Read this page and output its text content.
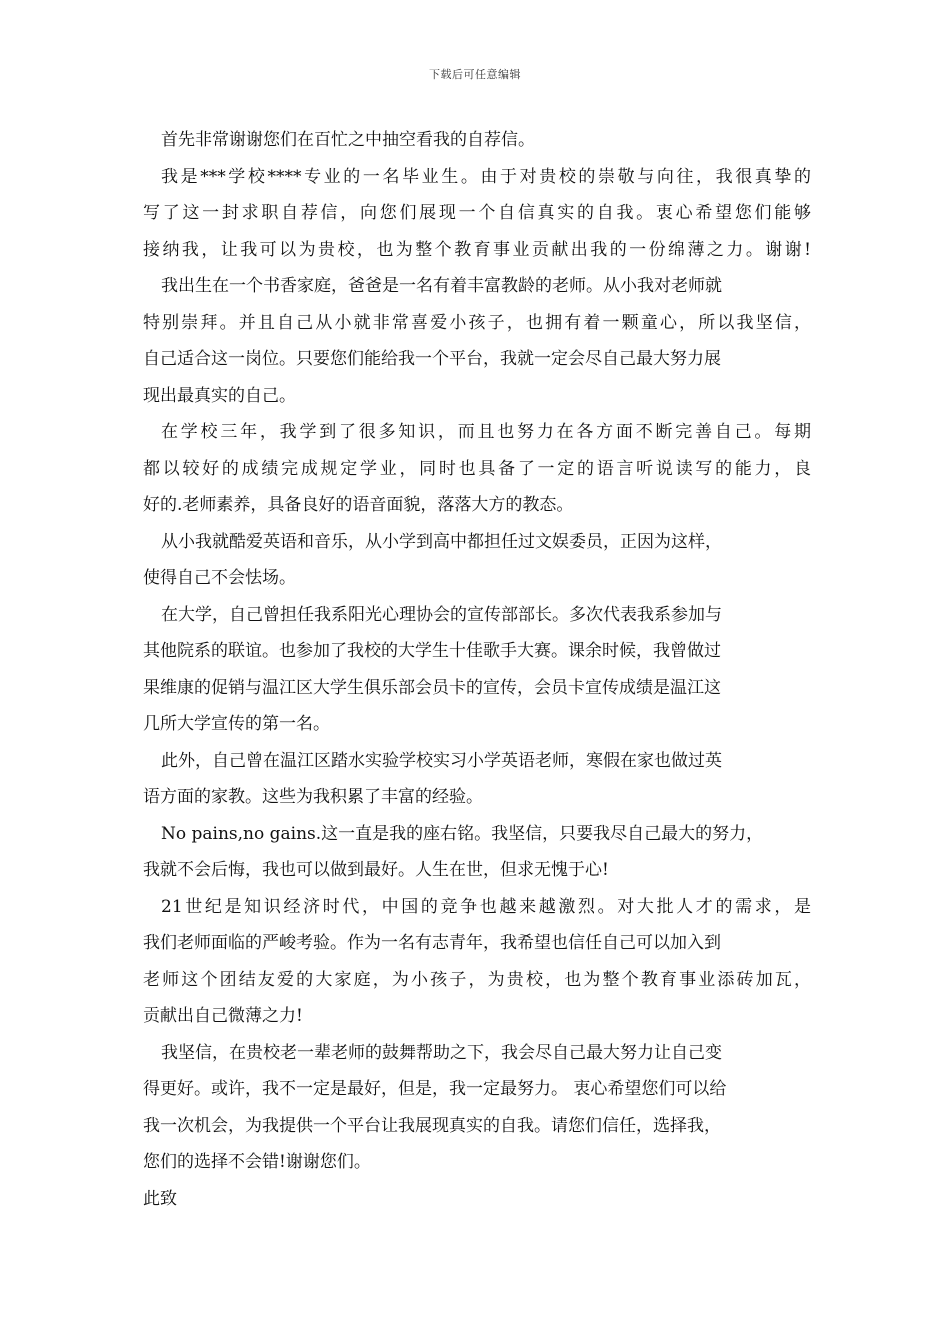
下载后可任意编辑
首先非常谢谢您们在百忙之中抽空看我的自荐信。
我是***学校****专业的一名毕业生。由于对贵校的崇敬与向往，我很真挚的
写了这一封求职自荐信，向您们展现一个自信真实的自我。衷心希望您们能够
接纳我，让我可以为贵校，也为整个教育事业贡献出我的一份绵薄之力。谢谢!
我出生在一个书香家庭，爸爸是一名有着丰富教龄的老师。从小我对老师就
特别崇拜。并且自己从小就非常喜爱小孩子，也拥有着一颗童心，所以我坚信，
自己适合这一岗位。只要您们能给我一个平台，我就一定会尽自己最大努力展
现出最真实的自己。
在学校三年，我学到了很多知识，而且也努力在各方面不断完善自己。每期
都以较好的成绩完成规定学业，同时也具备了一定的语言听说读写的能力，良
好的.老师素养，具备良好的语音面貌，落落大方的教态。
从小我就酷爱英语和音乐，从小学到高中都担任过文娱委员，正因为这样，
使得自己不会怯场。
在大学，自己曾担任我系阳光心理协会的宣传部部长。多次代表我系参加与
其他院系的联谊。也参加了我校的大学生十佳歌手大赛。课余时候，我曾做过
果维康的促销与温江区大学生俱乐部会员卡的宣传，会员卡宣传成绩是温江这
几所大学宣传的第一名。
此外，自己曾在温江区踏水实验学校实习小学英语老师，寒假在家也做过英
语方面的家教。这些为我积累了丰富的经验。
No pains,no gains.这一直是我的座右铭。我坚信，只要我尽自己最大的努力，
我就不会后悔，我也可以做到最好。人生在世，但求无愧于心!
21世纪是知识经济时代，中国的竞争也越来越激烈。对大批人才的需求，是
我们老师面临的严峻考验。作为一名有志青年，我希望也信任自己可以加入到
老师这个团结友爱的大家庭，为小孩子，为贵校，也为整个教育事业添砖加瓦，
贡献出自己微薄之力!
我坚信，在贵校老一辈老师的鼓舞帮助之下，我会尽自己最大努力让自己变
得更好。或许，我不一定是最好，但是，我一定最努力。 衷心希望您们可以给
我一次机会，为我提供一个平台让我展现真实的自我。请您们信任，选择我，
您们的选择不会错!谢谢您们。
此致
